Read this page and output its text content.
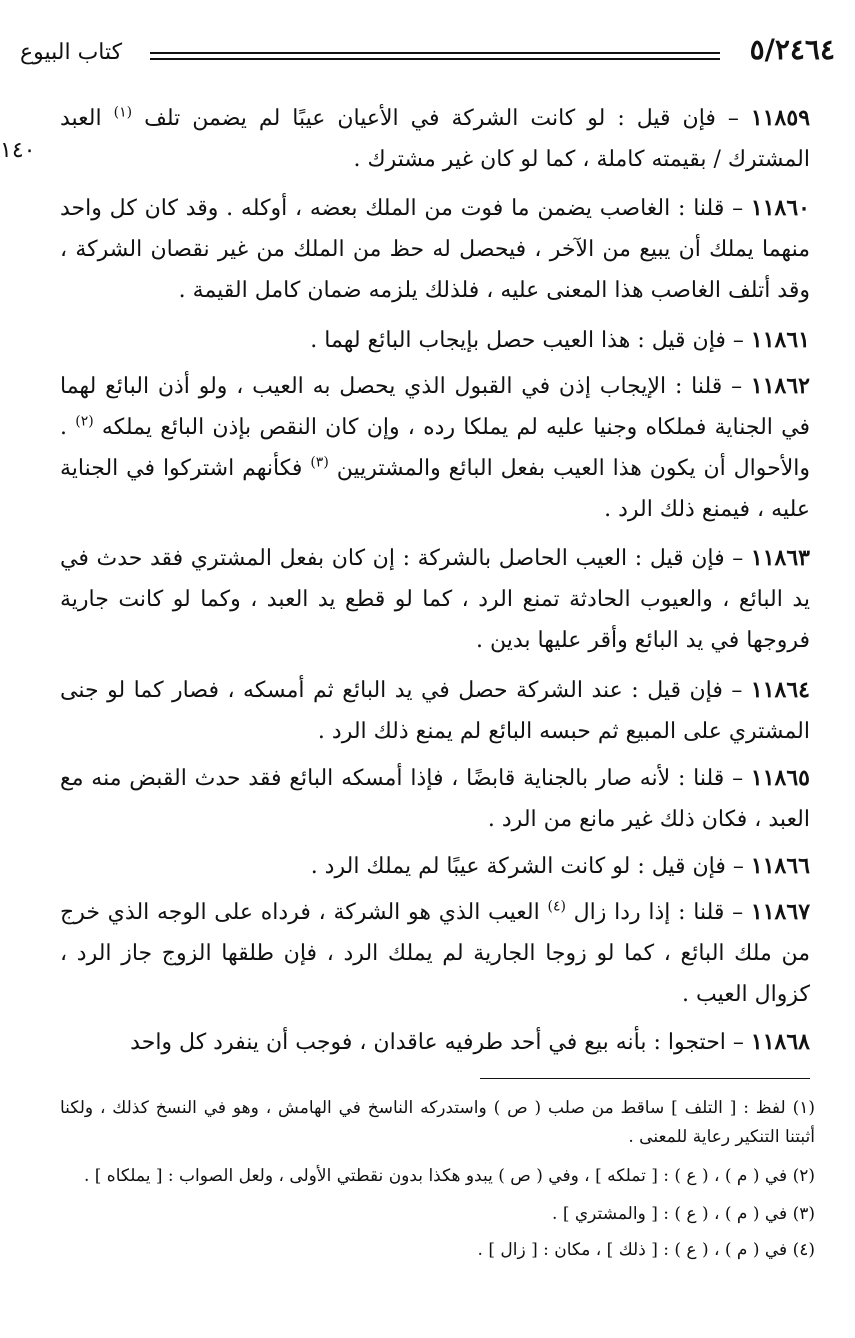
٥/٢٤٦٤
كتاب البيوع
١٤٠

١١٨٥٩ – فإن قيل : لو كانت الشركة في الأعيان عيبًا لم يضمن تلف $^{(١)}$ العبد المشترك / بقيمته كاملة ، كما لو كان غير مشترك .

١١٨٦٠ – قلنا : الغاصب يضمن ما فوت من الملك بعضه ، أوكله . وقد كان كل واحد منهما يملك أن يبيع من الآخر ، فيحصل له حظ من الملك من غير نقصان الشركة ، وقد أتلف الغاصب هذا المعنى عليه ، فلذلك يلزمه ضمان كامل القيمة .

١١٨٦١ – فإن قيل : هذا العيب حصل بإيجاب البائع لهما .

١١٨٦٢ – قلنا : الإيجاب إذن في القبول الذي يحصل به العيب ، ولو أذن البائع لهما في الجناية فملكاه وجنيا عليه لم يملكا رده ، وإن كان النقص بإذن البائع يملكه $^{(٢)}$ . والأحوال أن يكون هذا العيب بفعل البائع والمشتريين $^{(٣)}$ فكأنهم اشتركوا في الجناية عليه ، فيمنع ذلك الرد .

١١٨٦٣ – فإن قيل : العيب الحاصل بالشركة : إن كان بفعل المشتري فقد حدث في يد البائع ، والعيوب الحادثة تمنع الرد ، كما لو قطع يد العبد ، وكما لو كانت جارية فروجها في يد البائع وأقر عليها بدين .

١١٨٦٤ – فإن قيل : عند الشركة حصل في يد البائع ثم أمسكه ، فصار كما لو جنى المشتري على المبيع ثم حبسه البائع لم يمنع ذلك الرد .

١١٨٦٥ – قلنا : لأنه صار بالجناية قابضًا ، فإذا أمسكه البائع فقد حدث القبض منه مع العبد ، فكان ذلك غير مانع من الرد .

١١٨٦٦ – فإن قيل : لو كانت الشركة عيبًا لم يملك الرد .

١١٨٦٧ – قلنا : إذا ردا زال $^{(٤)}$ العيب الذي هو الشركة ، فرداه على الوجه الذي خرج من ملك البائع ، كما لو زوجا الجارية لم يملك الرد ، فإن طلقها الزوج جاز الرد ، كزوال العيب .

١١٨٦٨ – احتجوا : بأنه بيع في أحد طرفيه عاقدان ، فوجب أن ينفرد كل واحد

(١) لفظ : [ التلف ] ساقط من صلب ( ص ) واستدركه الناسخ في الهامش ، وهو في النسخ كذلك ، ولكنا أثبتنا التنكير رعاية للمعنى .

(٢) في ( م ) ، ( ع ) : [ تملكه ] ، وفي ( ص ) يبدو هكذا بدون نقطتي الأولى ، ولعل الصواب : [ يملكاه ] .

(٣) في ( م ) ، ( ع ) : [ والمشتري ] .

(٤) في ( م ) ، ( ع ) : [ ذلك ] ، مكان : [ زال ] .
